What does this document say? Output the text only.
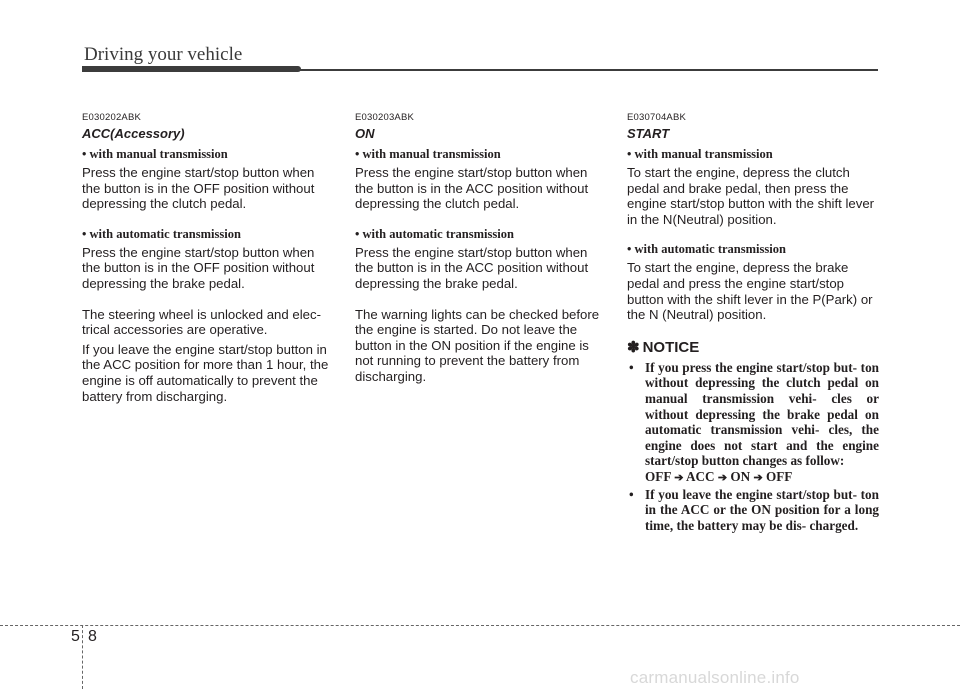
Driving your vehicle

E030202ABK

ACC(Accessory)

• with manual transmission

Press the engine start/stop button when the button is in the OFF position without depressing the clutch pedal.

• with automatic transmission

Press the engine start/stop button when the button is in the OFF position without depressing the brake pedal.

The steering wheel is unlocked and elec- trical accessories are operative.

If you leave the engine start/stop button in the ACC position for more than 1 hour, the engine is off automatically to prevent the battery from discharging.

E030203ABK

ON

• with manual transmission

Press the engine start/stop button when the button is in the ACC position without depressing the clutch pedal.

• with automatic transmission

Press the engine start/stop button when the button is in the ACC position without depressing the brake pedal.

The warning lights can be checked before the engine is started. Do not leave the button in the ON position if the engine is not running to prevent the battery from discharging.

E030704ABK

START

• with manual transmission

To start the engine, depress the clutch pedal and brake pedal, then press the engine start/stop button with the shift lever in the N(Neutral) position.

• with automatic transmission

To start the engine, depress the brake pedal and press the engine start/stop button with the shift lever in the P(Park) or the N (Neutral) position.

✽ NOTICE

• If you press the engine start/stop but- ton without depressing the clutch pedal on manual transmission vehi- cles or without depressing the brake pedal on automatic transmission vehi- cles, the engine does not start and the engine start/stop button changes as follow:
OFF ➔ ACC ➔ ON ➔ OFF
• If you leave the engine start/stop but- ton in the ACC or the ON position for a long time, the battery may be dis- charged.
5 8
carmanualsonline.info
